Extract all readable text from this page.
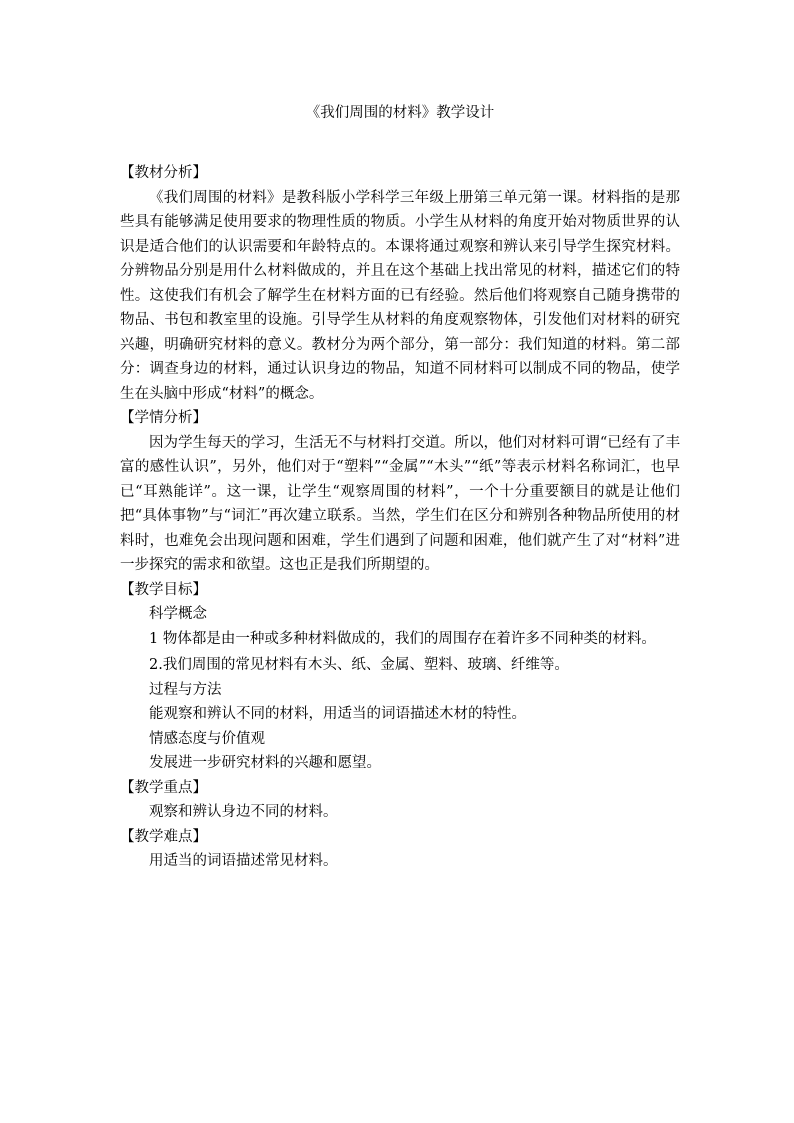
《我们周围的材料》教学设计
【教材分析】

《我们周围的材料》是教科版小学科学三年级上册第三单元第一课。材料指的是那些具有能够满足使用要求的物理性质的物质。小学生从材料的角度开始对物质世界的认识是适合他们的认识需要和年龄特点的。本课将通过观察和辨认来引导学生探究材料。分辨物品分别是用什么材料做成的，并且在这个基础上找出常见的材料，描述它们的特性。这使我们有机会了解学生在材料方面的已有经验。然后他们将观察自己随身携带的物品、书包和教室里的设施。引导学生从材料的角度观察物体，引发他们对材料的研究兴趣，明确研究材料的意义。教材分为两个部分，第一部分：我们知道的材料。第二部分：调查身边的材料，通过认识身边的物品，知道不同材料可以制成不同的物品，使学生在头脑中形成“材料”的概念。

【学情分析】

因为学生每天的学习，生活无不与材料打交道。所以，他们对材料可谓“已经有了丰富的感性认识”，另外，他们对于“塑料”“金属”“木头”“纸”等表示材料名称词汇，也早已“耳熟能详”。这一课，让学生“观察周围的材料”，一个十分重要额目的就是让他们把“具体事物”与“词汇”再次建立联系。当然，学生们在区分和辨别各种物品所使用的材料时，也难免会出现问题和困难，学生们遇到了问题和困难，他们就产生了对“材料”进一步探究的需求和欲望。这也正是我们所期望的。

【教学目标】

科学概念

1 物体都是由一种或多种材料做成的，我们的周围存在着许多不同种类的材料。

2.我们周围的常见材料有木头、纸、金属、塑料、玻璃、纤维等。

过程与方法

能观察和辨认不同的材料，用适当的词语描述木材的特性。

情感态度与价值观

发展进一步研究材料的兴趣和愿望。

【教学重点】

观察和辨认身边不同的材料。

【教学难点】

用适当的词语描述常见材料。
